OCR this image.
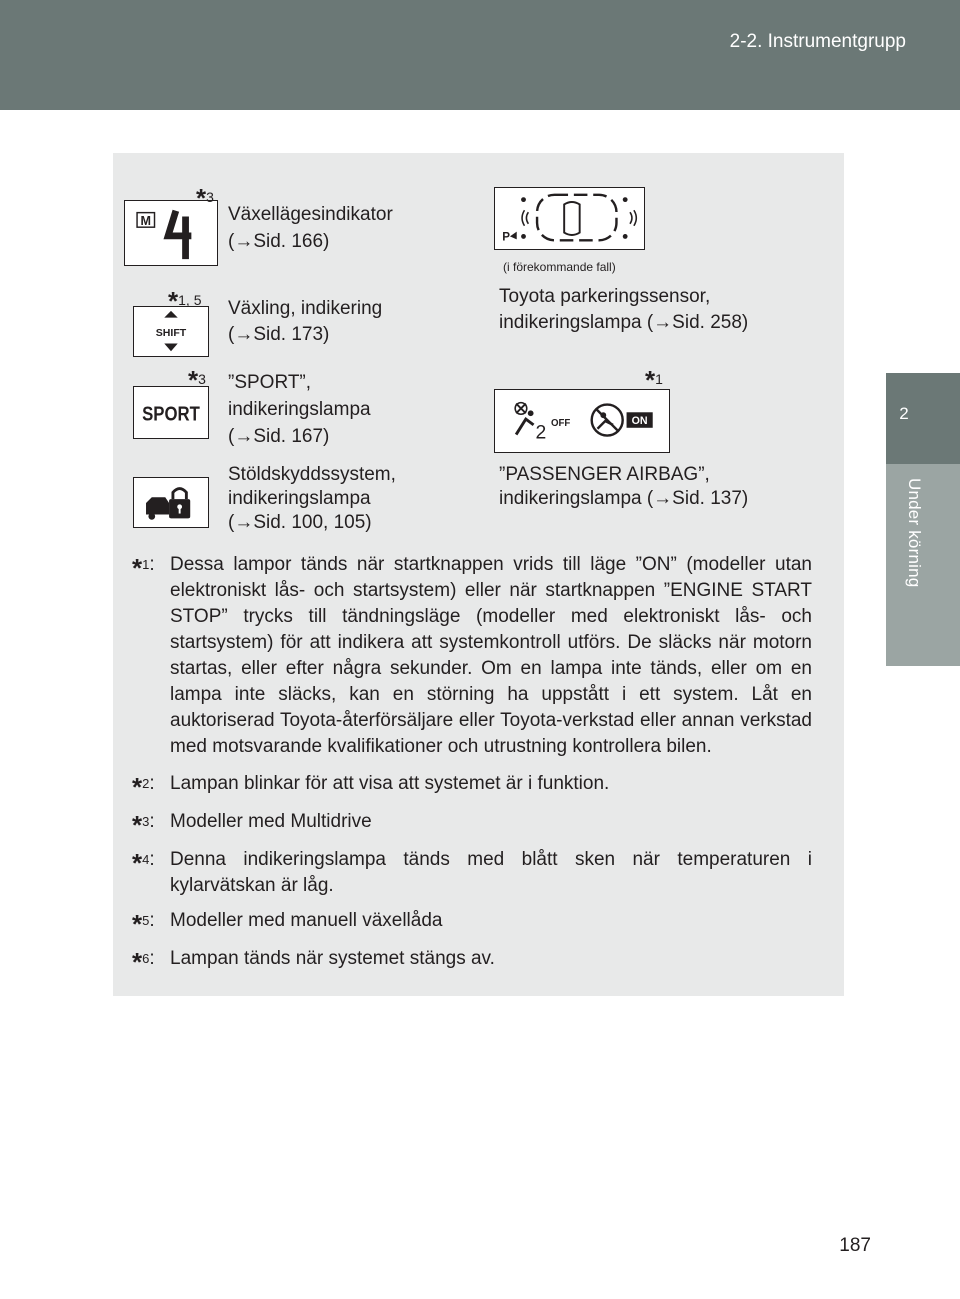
2-2. Instrumentgrupp
2
Under körning
M
*3
Växellägesindikator
(→Sid. 166)	P
(i förekommande fall)
SHIFT
*1, 5 Växling, indikering
(→Sid. 173)
Toyota parkeringssensor,
indikeringslampa (→Sid. 258)
SPORT
*3 ”SPORT”,
indikeringslampa
(→Sid. 167)	2 OFF	ON
*1
Stöldskyddssystem,
indikeringslampa
(→Sid. 100, 105)
”PASSENGER AIRBAG”,
indikeringslampa (→Sid. 137)
*$^1$: Dessa lampor tänds när startknappen vrids till läge ”ON” (modeller utan elektroniskt lås- och startsystem) eller när startknappen ”ENGINE START STOP” trycks till tändningsläge (modeller med elektroniskt lås- och startsystem) för att indikera att systemkontroll utförs. De släcks när motorn startas, eller efter några sekunder. Om en lampa inte tänds, eller om en lampa inte släcks, kan en störning ha uppstått i ett system. Låt en auktoriserad Toyota-återförsäljare eller Toyota-verkstad eller annan verkstad med motsvarande kvalifikationer och utrustning kontrollera bilen.
*$^2$: Lampan blinkar för att visa att systemet är i funktion.
*$^3$: Modeller med Multidrive
*$^4$: Denna indikeringslampa tänds med blått sken när temperaturen i kylarvätskan är låg.
*$^5$: Modeller med manuell växellåda
*$^6$: Lampan tänds när systemet stängs av.
187
